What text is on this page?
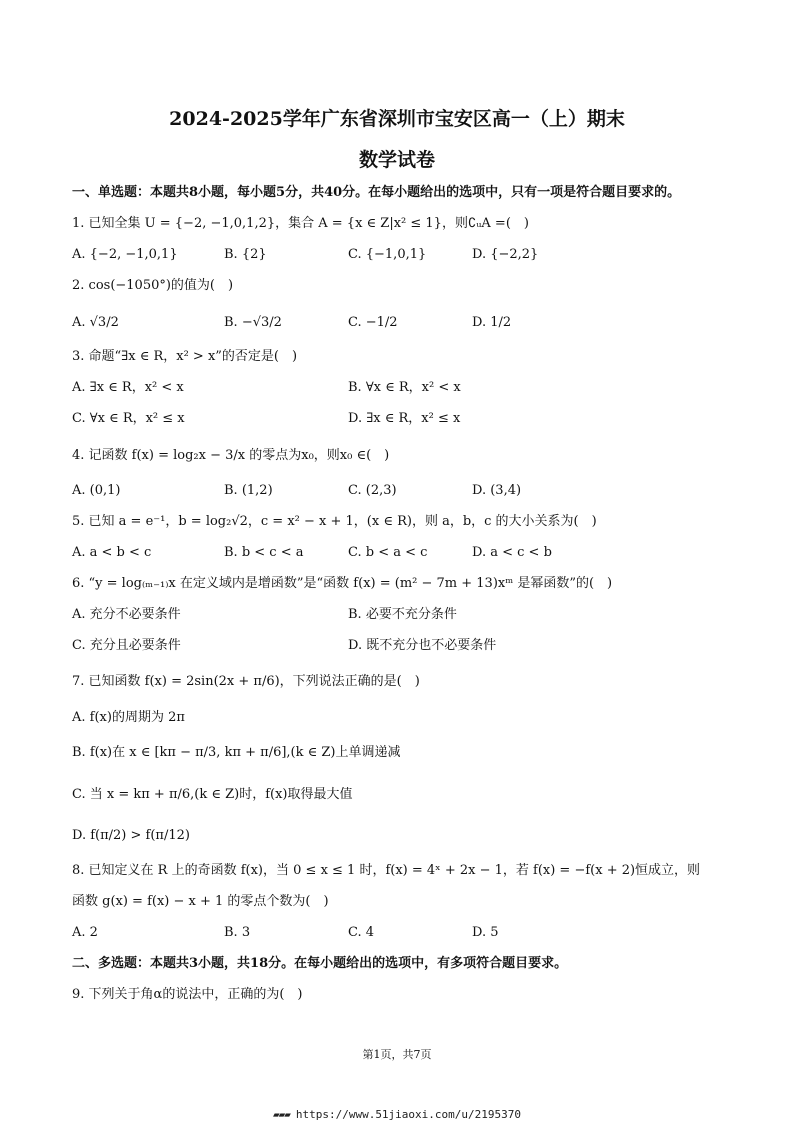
2024-2025学年广东省深圳市宝安区高一（上）期末
数学试卷
一、单选题：本题共8小题，每小题5分，共40分。在每小题给出的选项中，只有一项是符合题目要求的。
1. 已知全集 U = {−2, −1,0,1,2}，集合 A = {x ∈ Z|x² ≤ 1}，则∁ᵤA =(　)
A. {−2, −1,0,1}	B. {2}	C. {−1,0,1}	D. {−2,2}
2. cos(−1050°)的值为(　)
A. √3/2	B. −√3/2	C. −1/2	D. 1/2
3. 命题“∃x ∈ R，x² > x”的否定是(　)
A. ∃x ∈ R，x² < x	B. ∀x ∈ R，x² < x
C. ∀x ∈ R，x² ≤ x	D. ∃x ∈ R，x² ≤ x
4. 记函数 f(x) = log₂x − 3/x 的零点为x₀，则x₀ ∈(　)
A. (0,1)	B. (1,2)	C. (2,3)	D. (3,4)
5. 已知 a = e⁻¹，b = log₂√2，c = x² − x + 1，(x ∈ R)，则 a，b，c 的大小关系为(　)
A. a < b < c	B. b < c < a	C. b < a < c	D. a < c < b
6. “y = log₍ₘ₋₁₎x 在定义域内是增函数”是“函数 f(x) = (m² − 7m + 13)xᵐ 是幂函数”的(　)
A. 充分不必要条件	B. 必要不充分条件
C. 充分且必要条件	D. 既不充分也不必要条件
7. 已知函数 f(x) = 2sin(2x + π/6)，下列说法正确的是(　)
A. f(x)的周期为 2π
B. f(x)在 x ∈ [kπ − π/3, kπ + π/6],(k ∈ Z)上单调递减
C. 当 x = kπ + π/6,(k ∈ Z)时，f(x)取得最大值
D. f(π/2) > f(π/12)
8. 已知定义在 R 上的奇函数 f(x)，当 0 ≤ x ≤ 1 时，f(x) = 4ˣ + 2x − 1，若 f(x) = −f(x + 2)恒成立，则
函数 g(x) = f(x) − x + 1 的零点个数为(　)
A. 2	B. 3	C. 4	D. 5
二、多选题：本题共3小题，共18分。在每小题给出的选项中，有多项符合题目要求。
9. 下列关于角α的说法中，正确的为(　)
第1页，共7页
▰▰▰ https://www.51jiaoxi.com/u/2195370
